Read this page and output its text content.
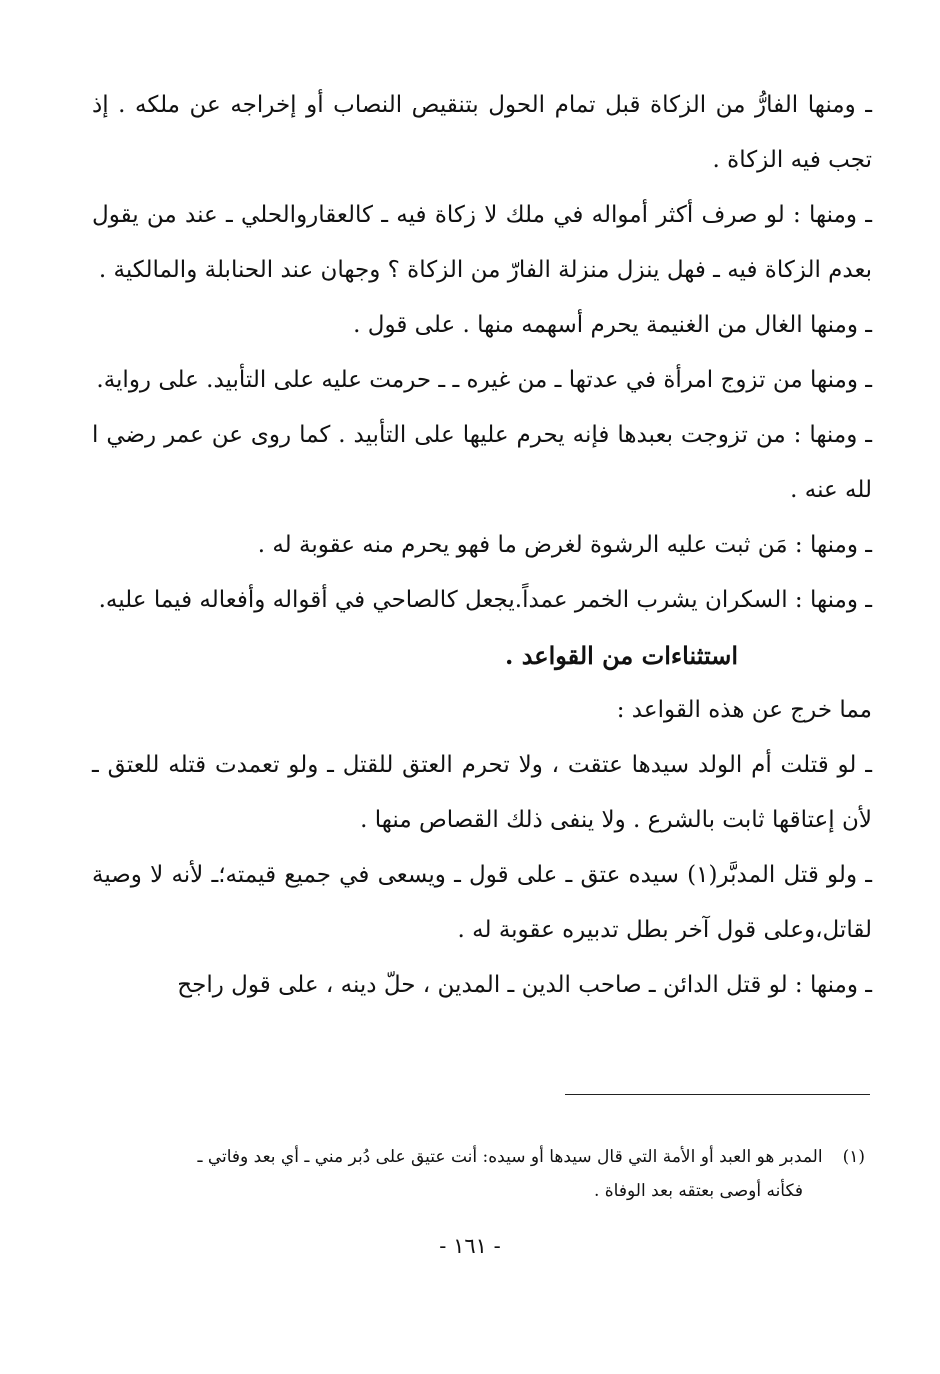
ـ ومنها الفارُّ من الزكاة قبل تمام الحول بتنقيص النصاب أو إخراجه عن ملكه . إذ تجب فيه الزكاة .

ـ ومنها : لو صرف أكثر أمواله في ملك لا زكاة فيه ـ كالعقاروالحلي ـ عند من يقول بعدم الزكاة فيه ـ فهل ينزل منزلة الفارّ من الزكاة ؟ وجهان عند الحنابلة والمالكية .

ـ ومنها الغال من الغنيمة يحرم أسهمه منها . على قول .

ـ ومنها من تزوج امرأة في عدتها ـ من غيره ـ ـ حرمت عليه على التأبيد. على رواية.

ـ ومنها : من تزوجت بعبدها فإنه يحرم عليها على التأبيد . كما روى عن عمر رضي ا لله عنه .

ـ ومنها : مَن ثبت عليه الرشوة لغرض ما فهو يحرم منه عقوبة له .

ـ ومنها : السكران يشرب الخمر عمداً.يجعل كالصاحي في أقواله وأفعاله فيما عليه.

استثناءات من القواعد .

مما خرج عن هذه القواعد :

ـ لو قتلت أم الولد سيدها عتقت ، ولا تحرم العتق للقتل ـ ولو تعمدت قتله للعتق ـ لأن إعتاقها ثابت بالشرع . ولا ينفى ذلك القصاص منها .

ـ ولو قتل المدبَّر(١) سيده عتق ـ على قول ـ ويسعى في جميع قيمته؛ـ لأنه لا وصية لقاتل،وعلى قول آخر بطل تدبيره عقوبة له .

ـ ومنها : لو قتل الدائن ـ صاحب الدين ـ المدين ، حلّ دينه ، على قول راجح

(١)المدبر هو العبد أو الأمة التي قال سيدها أو سيده: أنت عتيق على دُبر مني ـ أي بعد وفاتي ـ
فكأنه أوصى بعتقه بعد الوفاة .
- ١٦١ -
